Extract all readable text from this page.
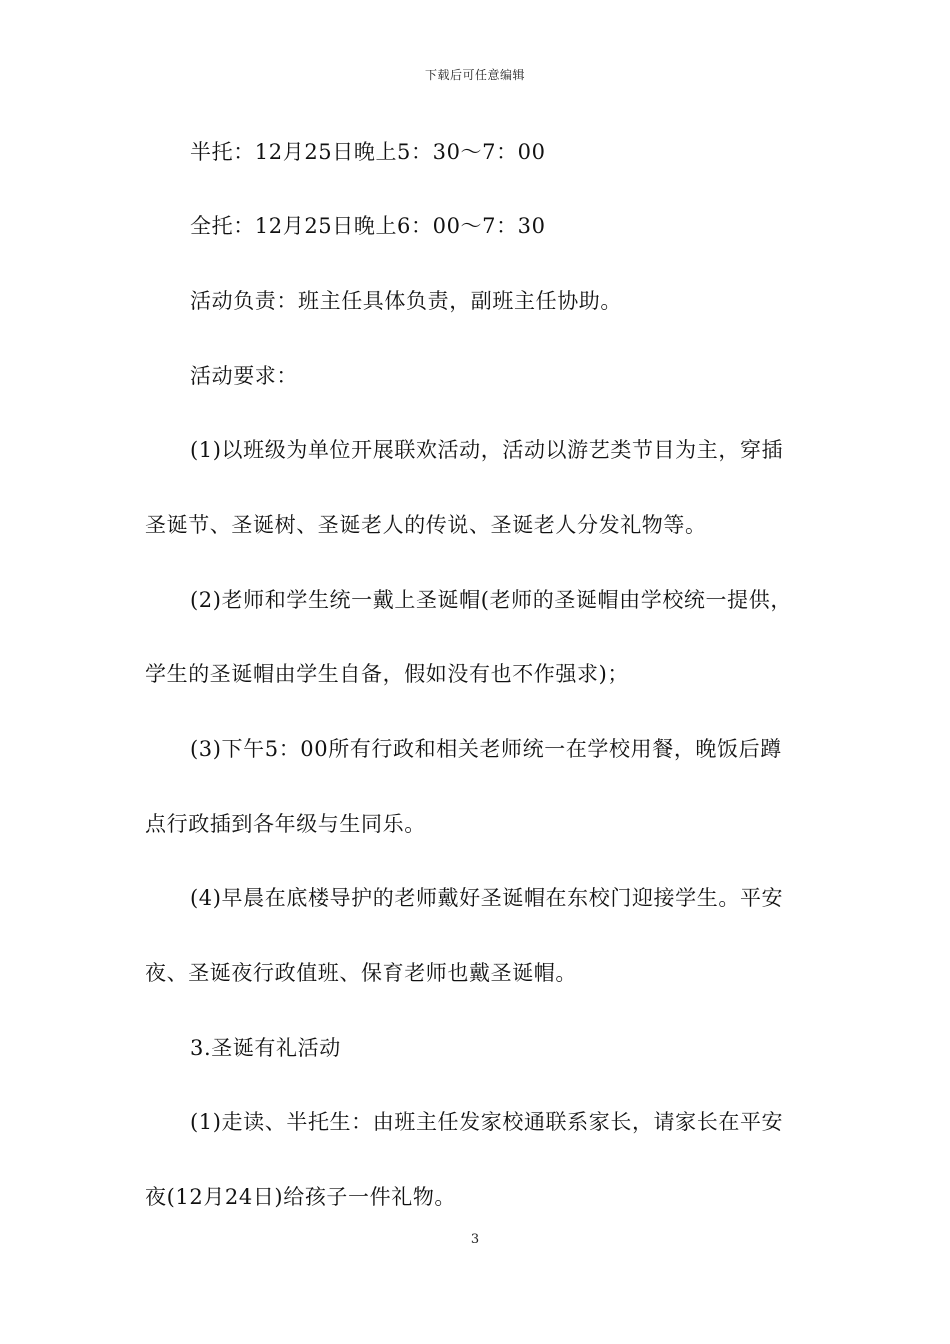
下载后可任意编辑
半托：12月25日晚上5：30～7：00
全托：12月25日晚上6：00～7：30
活动负责：班主任具体负责，副班主任协助。
活动要求：
(1)以班级为单位开展联欢活动，活动以游艺类节目为主，穿插
圣诞节、圣诞树、圣诞老人的传说、圣诞老人分发礼物等。
(2)老师和学生统一戴上圣诞帽(老师的圣诞帽由学校统一提供，
学生的圣诞帽由学生自备，假如没有也不作强求)；
(3)下午5：00所有行政和相关老师统一在学校用餐，晚饭后蹲
点行政插到各年级与生同乐。
(4)早晨在底楼导护的老师戴好圣诞帽在东校门迎接学生。平安
夜、圣诞夜行政值班、保育老师也戴圣诞帽。
3.圣诞有礼活动
(1)走读、半托生：由班主任发家校通联系家长，请家长在平安
夜(12月24日)给孩子一件礼物。
3
